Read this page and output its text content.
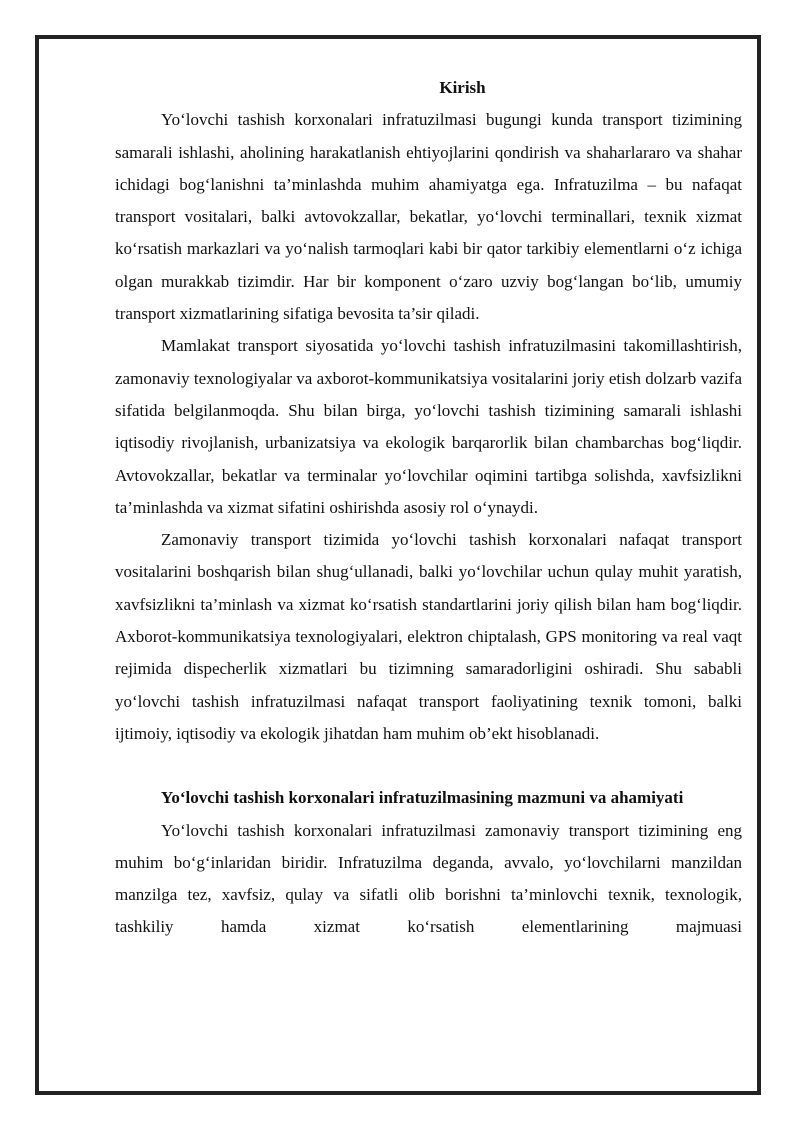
Kirish

Yo‘lovchi tashish korxonalari infratuzilmasi bugungi kunda transport tizimining samarali ishlashi, aholining harakatlanish ehtiyojlarini qondirish va shaharlararo va shahar ichidagi bog‘lanishni ta’minlashda muhim ahamiyatga ega. Infratuzilma – bu nafaqat transport vositalari, balki avtovokzallar, bekatlar, yo‘lovchi terminallari, texnik xizmat ko‘rsatish markazlari va yo‘nalish tarmoqlari kabi bir qator tarkibiy elementlarni o‘z ichiga olgan murakkab tizimdir. Har bir komponent o‘zaro uzviy bog‘langan bo‘lib, umumiy transport xizmatlarining sifatiga bevosita ta’sir qiladi.

Mamlakat transport siyosatida yo‘lovchi tashish infratuzilmasini takomillashtirish, zamonaviy texnologiyalar va axborot-kommunikatsiya vositalarini joriy etish dolzarb vazifa sifatida belgilanmoqda. Shu bilan birga, yo‘lovchi tashish tizimining samarali ishlashi iqtisodiy rivojlanish, urbanizatsiya va ekologik barqarorlik bilan chambarchas bog‘liqdir. Avtovokzallar, bekatlar va terminalar yo‘lovchilar oqimini tartibga solishda, xavfsizlikni ta’minlashda va xizmat sifatini oshirishda asosiy rol o‘ynaydi.

Zamonaviy transport tizimida yo‘lovchi tashish korxonalari nafaqat transport vositalarini boshqarish bilan shug‘ullanadi, balki yo‘lovchilar uchun qulay muhit yaratish, xavfsizlikni ta’minlash va xizmat ko‘rsatish standartlarini joriy qilish bilan ham bog‘liqdir. Axborot-kommunikatsiya texnologiyalari, elektron chiptalash, GPS monitoring va real vaqt rejimida dispecherlik xizmatlari bu tizimning samaradorligini oshiradi. Shu sababli yo‘lovchi tashish infratuzilmasi nafaqat transport faoliyatining texnik tomoni, balki ijtimoiy, iqtisodiy va ekologik jihatdan ham muhim ob’ekt hisoblanadi.

Yo‘lovchi tashish korxonalari infratuzilmasining mazmuni va ahamiyati

Yo‘lovchi tashish korxonalari infratuzilmasi zamonaviy transport tizimining eng muhim bo‘g‘inlaridan biridir. Infratuzilma deganda, avvalo, yo‘lovchilarni manzildan manzilga tez, xavfsiz, qulay va sifatli olib borishni ta’minlovchi texnik, texnologik, tashkiliy hamda xizmat ko‘rsatish elementlarining majmuasi
